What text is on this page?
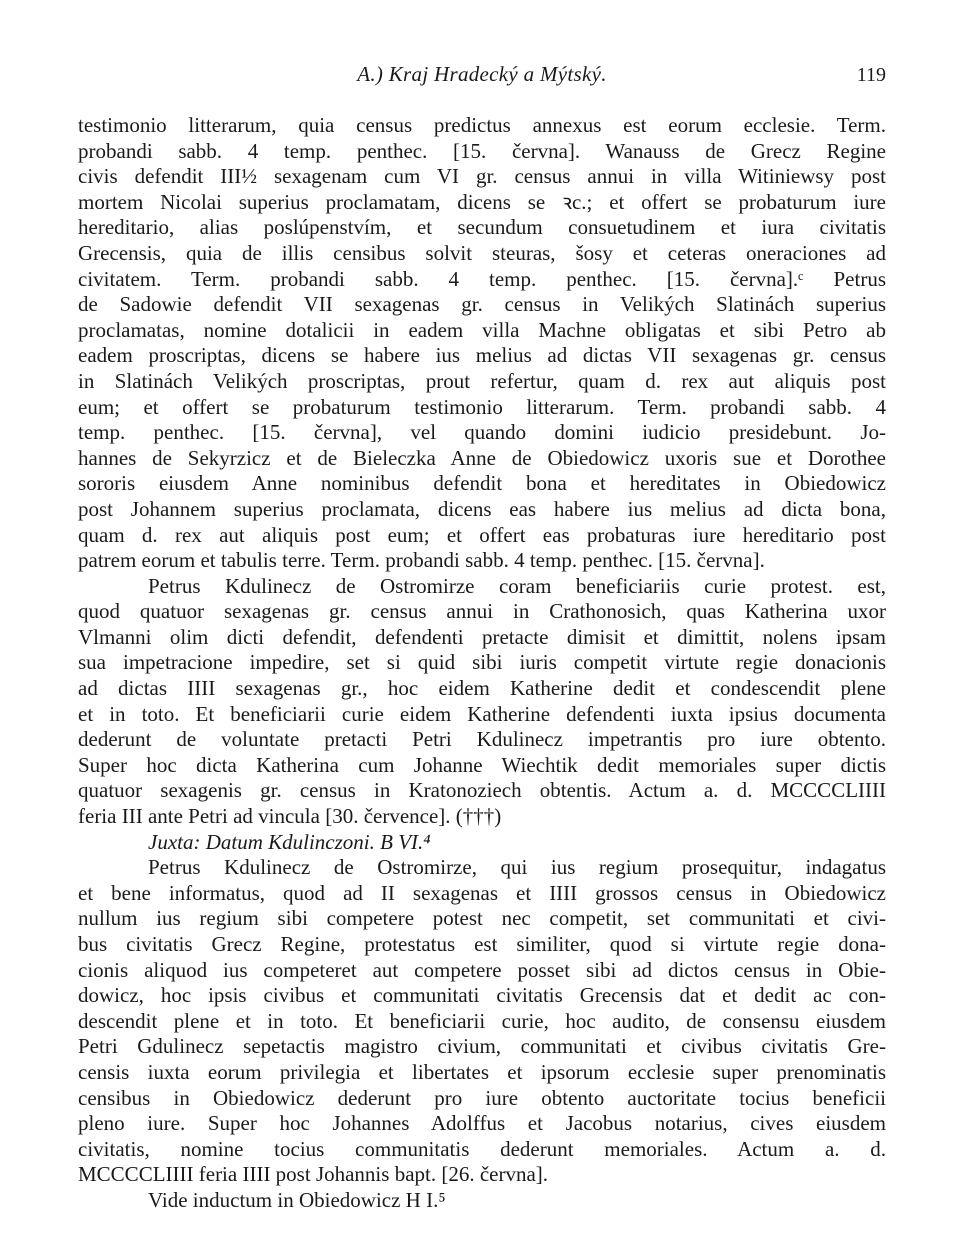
A.) Kraj Hradecký a Mýtský.	119
testimonio litterarum, quia census predictus annexus est eorum ecclesie. Term.
probandi sabb. 4 temp. penthec. [15. června]. Wanauss de Grecz Regine
civis defendit III½ sexagenam cum VI gr. census annui in villa Witiniewsy post
mortem Nicolai superius proclamatam, dicens se ꝛc.; et offert se probaturum iure
hereditario, alias poslúpenstvím, et secundum consuetudinem et iura civitatis
Grecensis, quia de illis censibus solvit steuras, šosy et ceteras oneraciones ad
civitatem. Term. probandi sabb. 4 temp. penthec. [15. června].ᶜ Petrus
de Sadowie defendit VII sexagenas gr. census in Velikých Slatinách superius
proclamatas, nomine dotalicii in eadem villa Machne obligatas et sibi Petro ab
eadem proscriptas, dicens se habere ius melius ad dictas VII sexagenas gr. census
in Slatinách Velikých proscriptas, prout refertur, quam d. rex aut aliquis post
eum; et offert se probaturum testimonio litterarum. Term. probandi sabb. 4
temp. penthec. [15. června], vel quando domini iudicio presidebunt. Jo-
hannes de Sekyrzicz et de Bieleczka Anne de Obiedowicz uxoris sue et Dorothee
sororis eiusdem Anne nominibus defendit bona et hereditates in Obiedowicz
post Johannem superius proclamata, dicens eas habere ius melius ad dicta bona,
quam d. rex aut aliquis post eum; et offert eas probaturas iure hereditario post
patrem eorum et tabulis terre. Term. probandi sabb. 4 temp. penthec. [15. června].
Petrus Kdulinecz de Ostromirze coram beneficiariis curie protest. est,
quod quatuor sexagenas gr. census annui in Crathonosich, quas Katherina uxor
Vlmanni olim dicti defendit, defendenti pretacte dimisit et dimittit, nolens ipsam
sua impetracione impedire, set si quid sibi iuris competit virtute regie donacionis
ad dictas IIII sexagenas gr., hoc eidem Katherine dedit et condescendit plene
et in toto. Et beneficiarii curie eidem Katherine defendenti iuxta ipsius documenta
dederunt de voluntate pretacti Petri Kdulinecz impetrantis pro iure obtento.
Super hoc dicta Katherina cum Johanne Wiechtik dedit memoriales super dictis
quatuor sexagenis gr. census in Kratonoziech obtentis. Actum a. d. MCCCCLIIII
feria III ante Petri ad vincula [30. července]. (†††)
Juxta: Datum Kdulinczoni. B VI.⁴
Petrus Kdulinecz de Ostromirze, qui ius regium prosequitur, indagatus
et bene informatus, quod ad II sexagenas et IIII grossos census in Obiedowicz
nullum ius regium sibi competere potest nec competit, set communitati et civi-
bus civitatis Grecz Regine, protestatus est similiter, quod si virtute regie dona-
cionis aliquod ius competeret aut competere posset sibi ad dictos census in Obie-
dowicz, hoc ipsis civibus et communitati civitatis Grecensis dat et dedit ac con-
descendit plene et in toto. Et beneficiarii curie, hoc audito, de consensu eiusdem
Petri Gdulinecz sepetactis magistro civium, communitati et civibus civitatis Gre-
censis iuxta eorum privilegia et libertates et ipsorum ecclesie super prenominatis
censibus in Obiedowicz dederunt pro iure obtento auctoritate tocius beneficii
pleno iure. Super hoc Johannes Adolffus et Jacobus notarius, cives eiusdem
civitatis, nomine tocius communitatis dederunt memoriales. Actum a. d.
MCCCCLIIII feria IIII post Johannis bapt. [26. června].
Vide inductum in Obiedowicz H I.⁵
